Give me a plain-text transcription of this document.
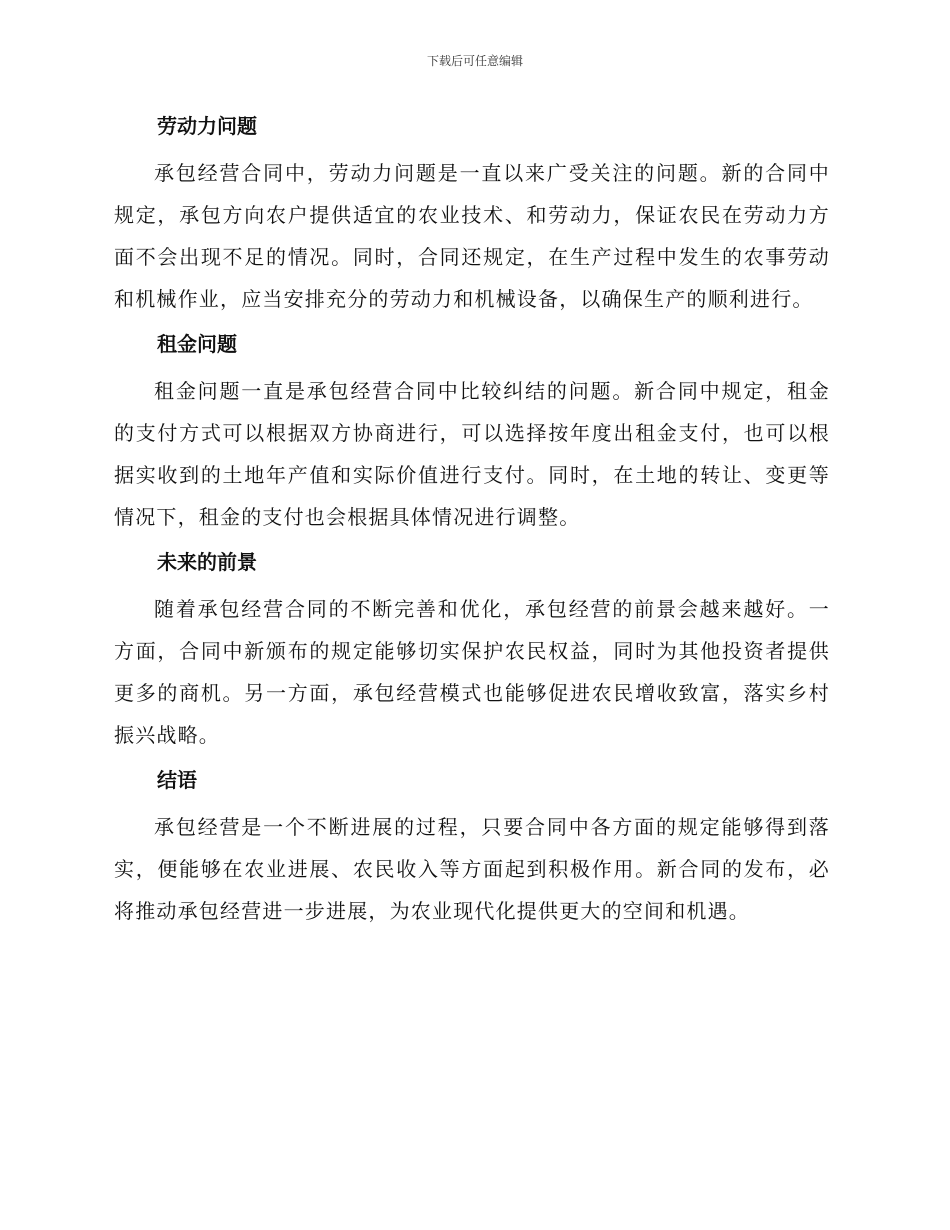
下载后可任意编辑
劳动力问题

承包经营合同中，劳动力问题是一直以来广受关注的问题。新的合同中规定，承包方向农户提供适宜的农业技术、和劳动力，保证农民在劳动力方面不会出现不足的情况。同时，合同还规定，在生产过程中发生的农事劳动和机械作业，应当安排充分的劳动力和机械设备，以确保生产的顺利进行。

租金问题

租金问题一直是承包经营合同中比较纠结的问题。新合同中规定，租金的支付方式可以根据双方协商进行，可以选择按年度出租金支付，也可以根据实收到的土地年产值和实际价值进行支付。同时，在土地的转让、变更等情况下，租金的支付也会根据具体情况进行调整。

未来的前景

随着承包经营合同的不断完善和优化，承包经营的前景会越来越好。一方面，合同中新颁布的规定能够切实保护农民权益，同时为其他投资者提供更多的商机。另一方面，承包经营模式也能够促进农民增收致富，落实乡村振兴战略。

结语

承包经营是一个不断进展的过程，只要合同中各方面的规定能够得到落实，便能够在农业进展、农民收入等方面起到积极作用。新合同的发布，必将推动承包经营进一步进展，为农业现代化提供更大的空间和机遇。
